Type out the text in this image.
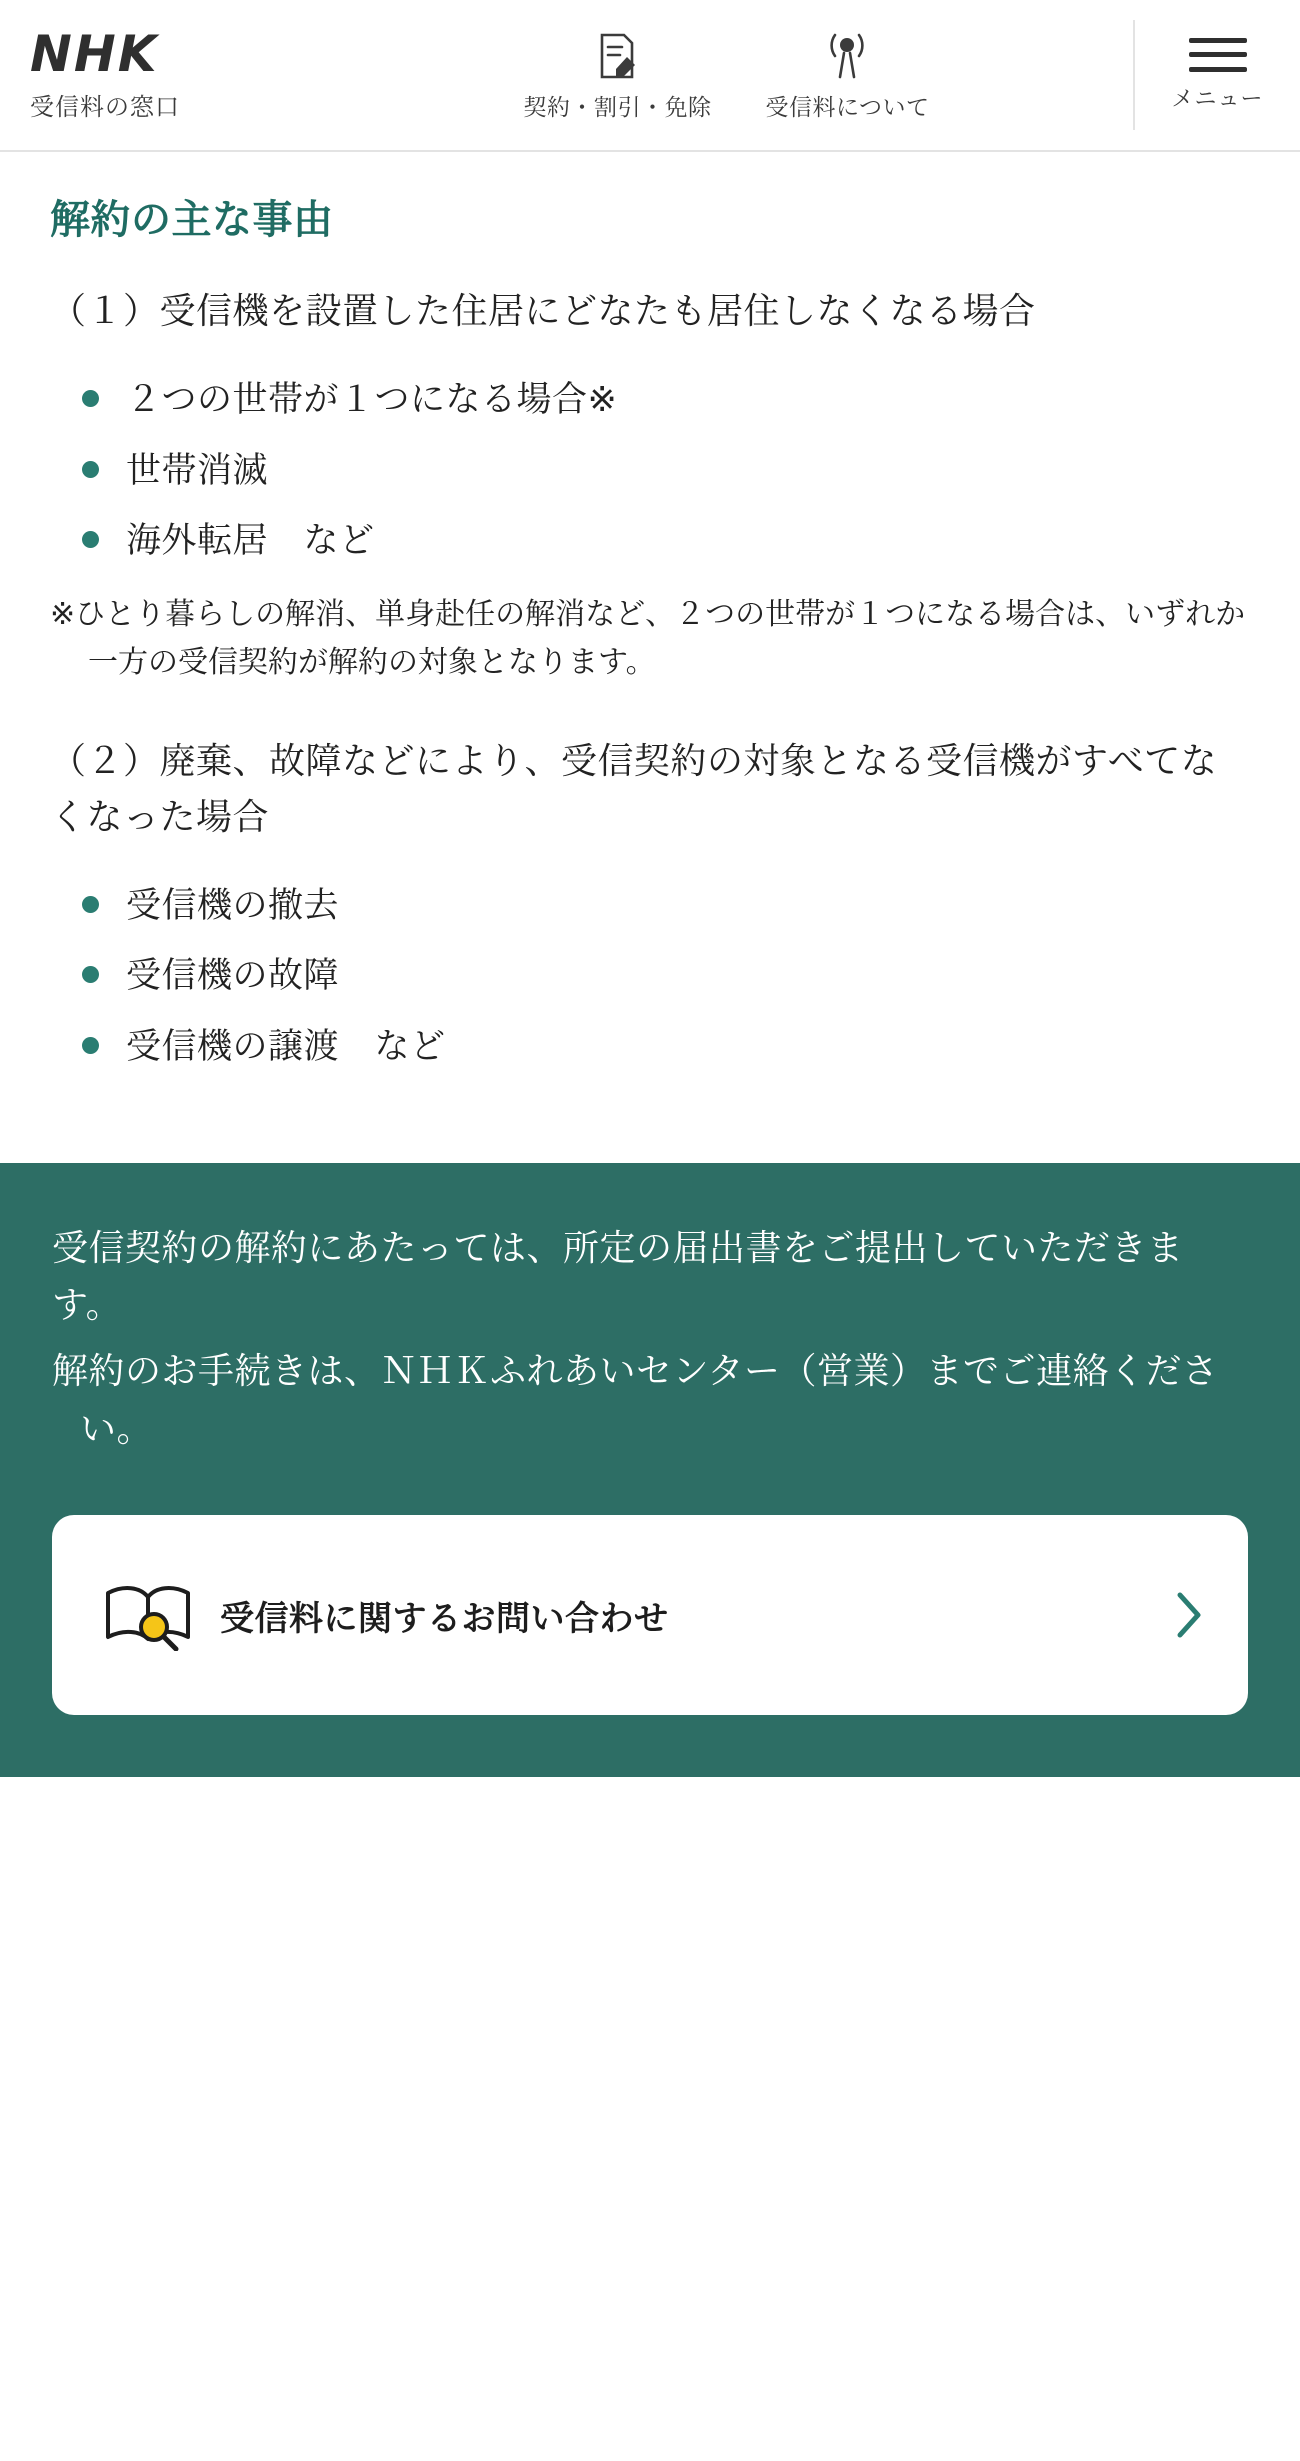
NHK
受信料の窓口	契約・割引・免除 受信料について	メニュー
解約の主な事由

（１）受信機を設置した住居にどなたも居住しなくなる場合

２つの世帯が１つになる場合※
世帯消滅
海外転居　など

※ひとり暮らしの解消、単身赴任の解消など、２つの世帯が１つになる場合は、いずれか一方の受信契約が解約の対象となります。

（２）廃棄、故障などにより、受信契約の対象となる受信機がすべてなくなった場合

受信機の撤去
受信機の故障
受信機の譲渡　など

受信契約の解約にあたっては、所定の届出書をご提出していただきます。

解約のお手続きは、ＮＨＫふれあいセンター（営業）までご連絡ください。

受信料に関するお問い合わせ
